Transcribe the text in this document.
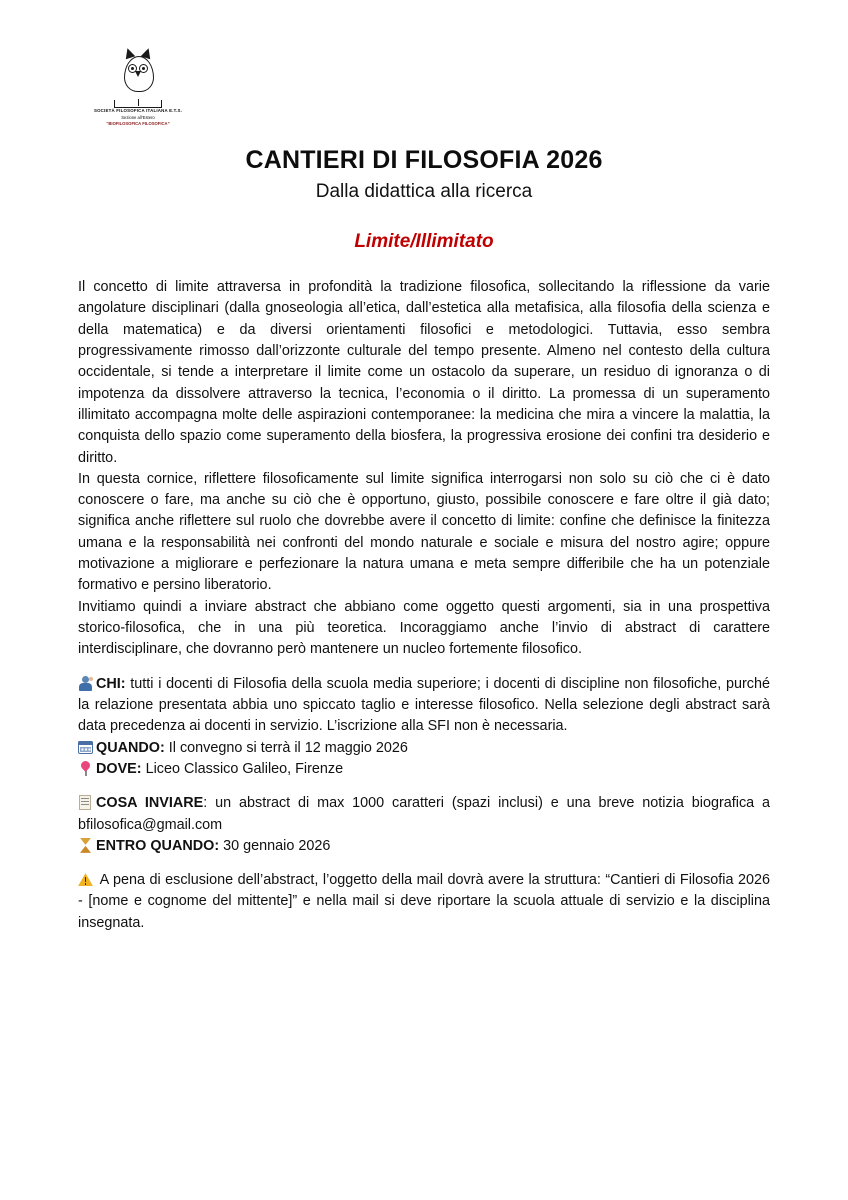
SOCIETÀ FILOSOFICA ITALIANA E.T.S.
Sezione all’Estero
“BIOFILOSOFICA FILOSOFICA”
CANTIERI DI FILOSOFIA 2026
Dalla didattica alla ricerca
Limite/Illimitato

Il concetto di limite attraversa in profondità la tradizione filosofica, sollecitando la riflessione da varie angolature disciplinari (dalla gnoseologia all’etica, dall’estetica alla metafisica, alla filosofia della scienza e della matematica) e da diversi orientamenti filosofici e metodologici. Tuttavia, esso sembra progressivamente rimosso dall’orizzonte culturale del tempo presente. Almeno nel contesto della cultura occidentale, si tende a interpretare il limite come un ostacolo da superare, un residuo di ignoranza o di impotenza da dissolvere attraverso la tecnica, l’economia o il diritto. La promessa di un superamento illimitato accompagna molte delle aspirazioni contemporanee: la medicina che mira a vincere la malattia, la conquista dello spazio come superamento della biosfera, la progressiva erosione dei confini tra desiderio e diritto.

In questa cornice, riflettere filosoficamente sul limite significa interrogarsi non solo su ciò che ci è dato conoscere o fare, ma anche su ciò che è opportuno, giusto, possibile conoscere e fare oltre il già dato; significa anche riflettere sul ruolo che dovrebbe avere il concetto di limite: confine che definisce la finitezza umana e la responsabilità nei confronti del mondo naturale e sociale e misura del nostro agire; oppure motivazione a migliorare e perfezionare la natura umana e meta sempre differibile che ha un potenziale formativo e persino liberatorio.

Invitiamo quindi a inviare abstract che abbiano come oggetto questi argomenti, sia in una prospettiva storico-filosofica, che in una più teoretica. Incoraggiamo anche l’invio di abstract di carattere interdisciplinare, che dovranno però mantenere un nucleo fortemente filosofico.

CHI: tutti i docenti di Filosofia della scuola media superiore; i docenti di discipline non filosofiche, purché la relazione presentata abbia uno spiccato taglio e interesse filosofico. Nella selezione degli abstract sarà data precedenza ai docenti in servizio. L’iscrizione alla SFI non è necessaria.

QUANDO: Il convegno si terrà il 12 maggio 2026

DOVE: Liceo Classico Galileo, Firenze

COSA INVIARE: un abstract di max 1000 caratteri (spazi inclusi) e una breve notizia biografica a bfilosofica@gmail.com

ENTRO QUANDO: 30 gennaio 2026

A pena di esclusione dell’abstract, l’oggetto della mail dovrà avere la struttura: “Cantieri di Filosofia 2026 - [nome e cognome del mittente]” e nella mail si deve riportare la scuola attuale di servizio e la disciplina insegnata.
